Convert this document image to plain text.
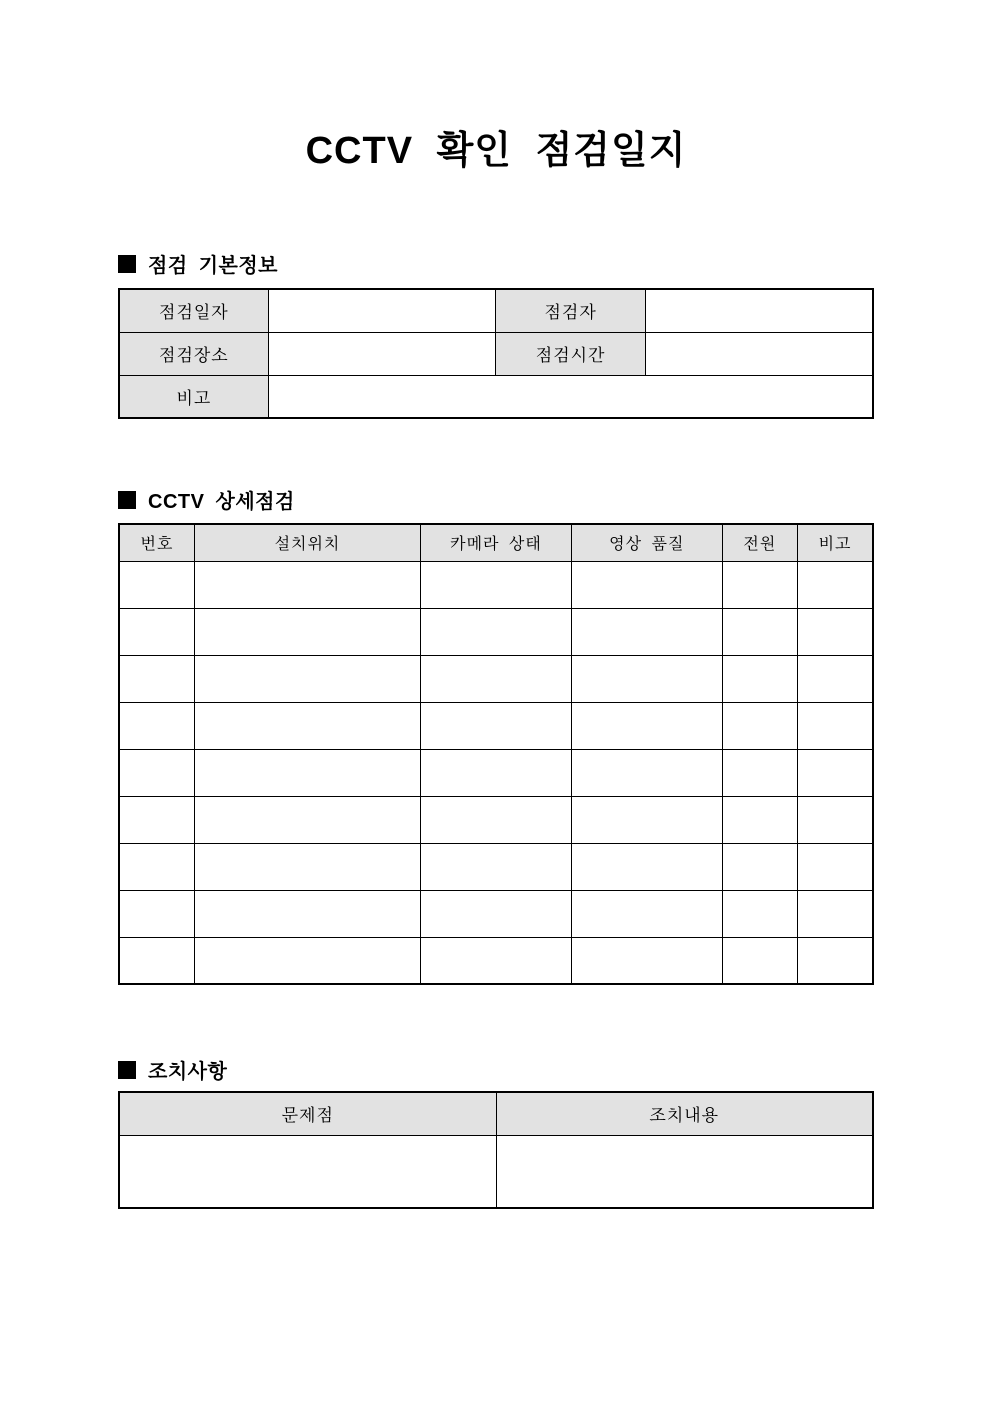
CCTV 확인 점검일지
점검 기본정보
점검일자		점검자	
점검장소		점검시간	
비고			
CCTV 상세점검
번호	설치위치	카메라 상태	영상 품질	전원	비고

조치사항
문제점	조치내용
